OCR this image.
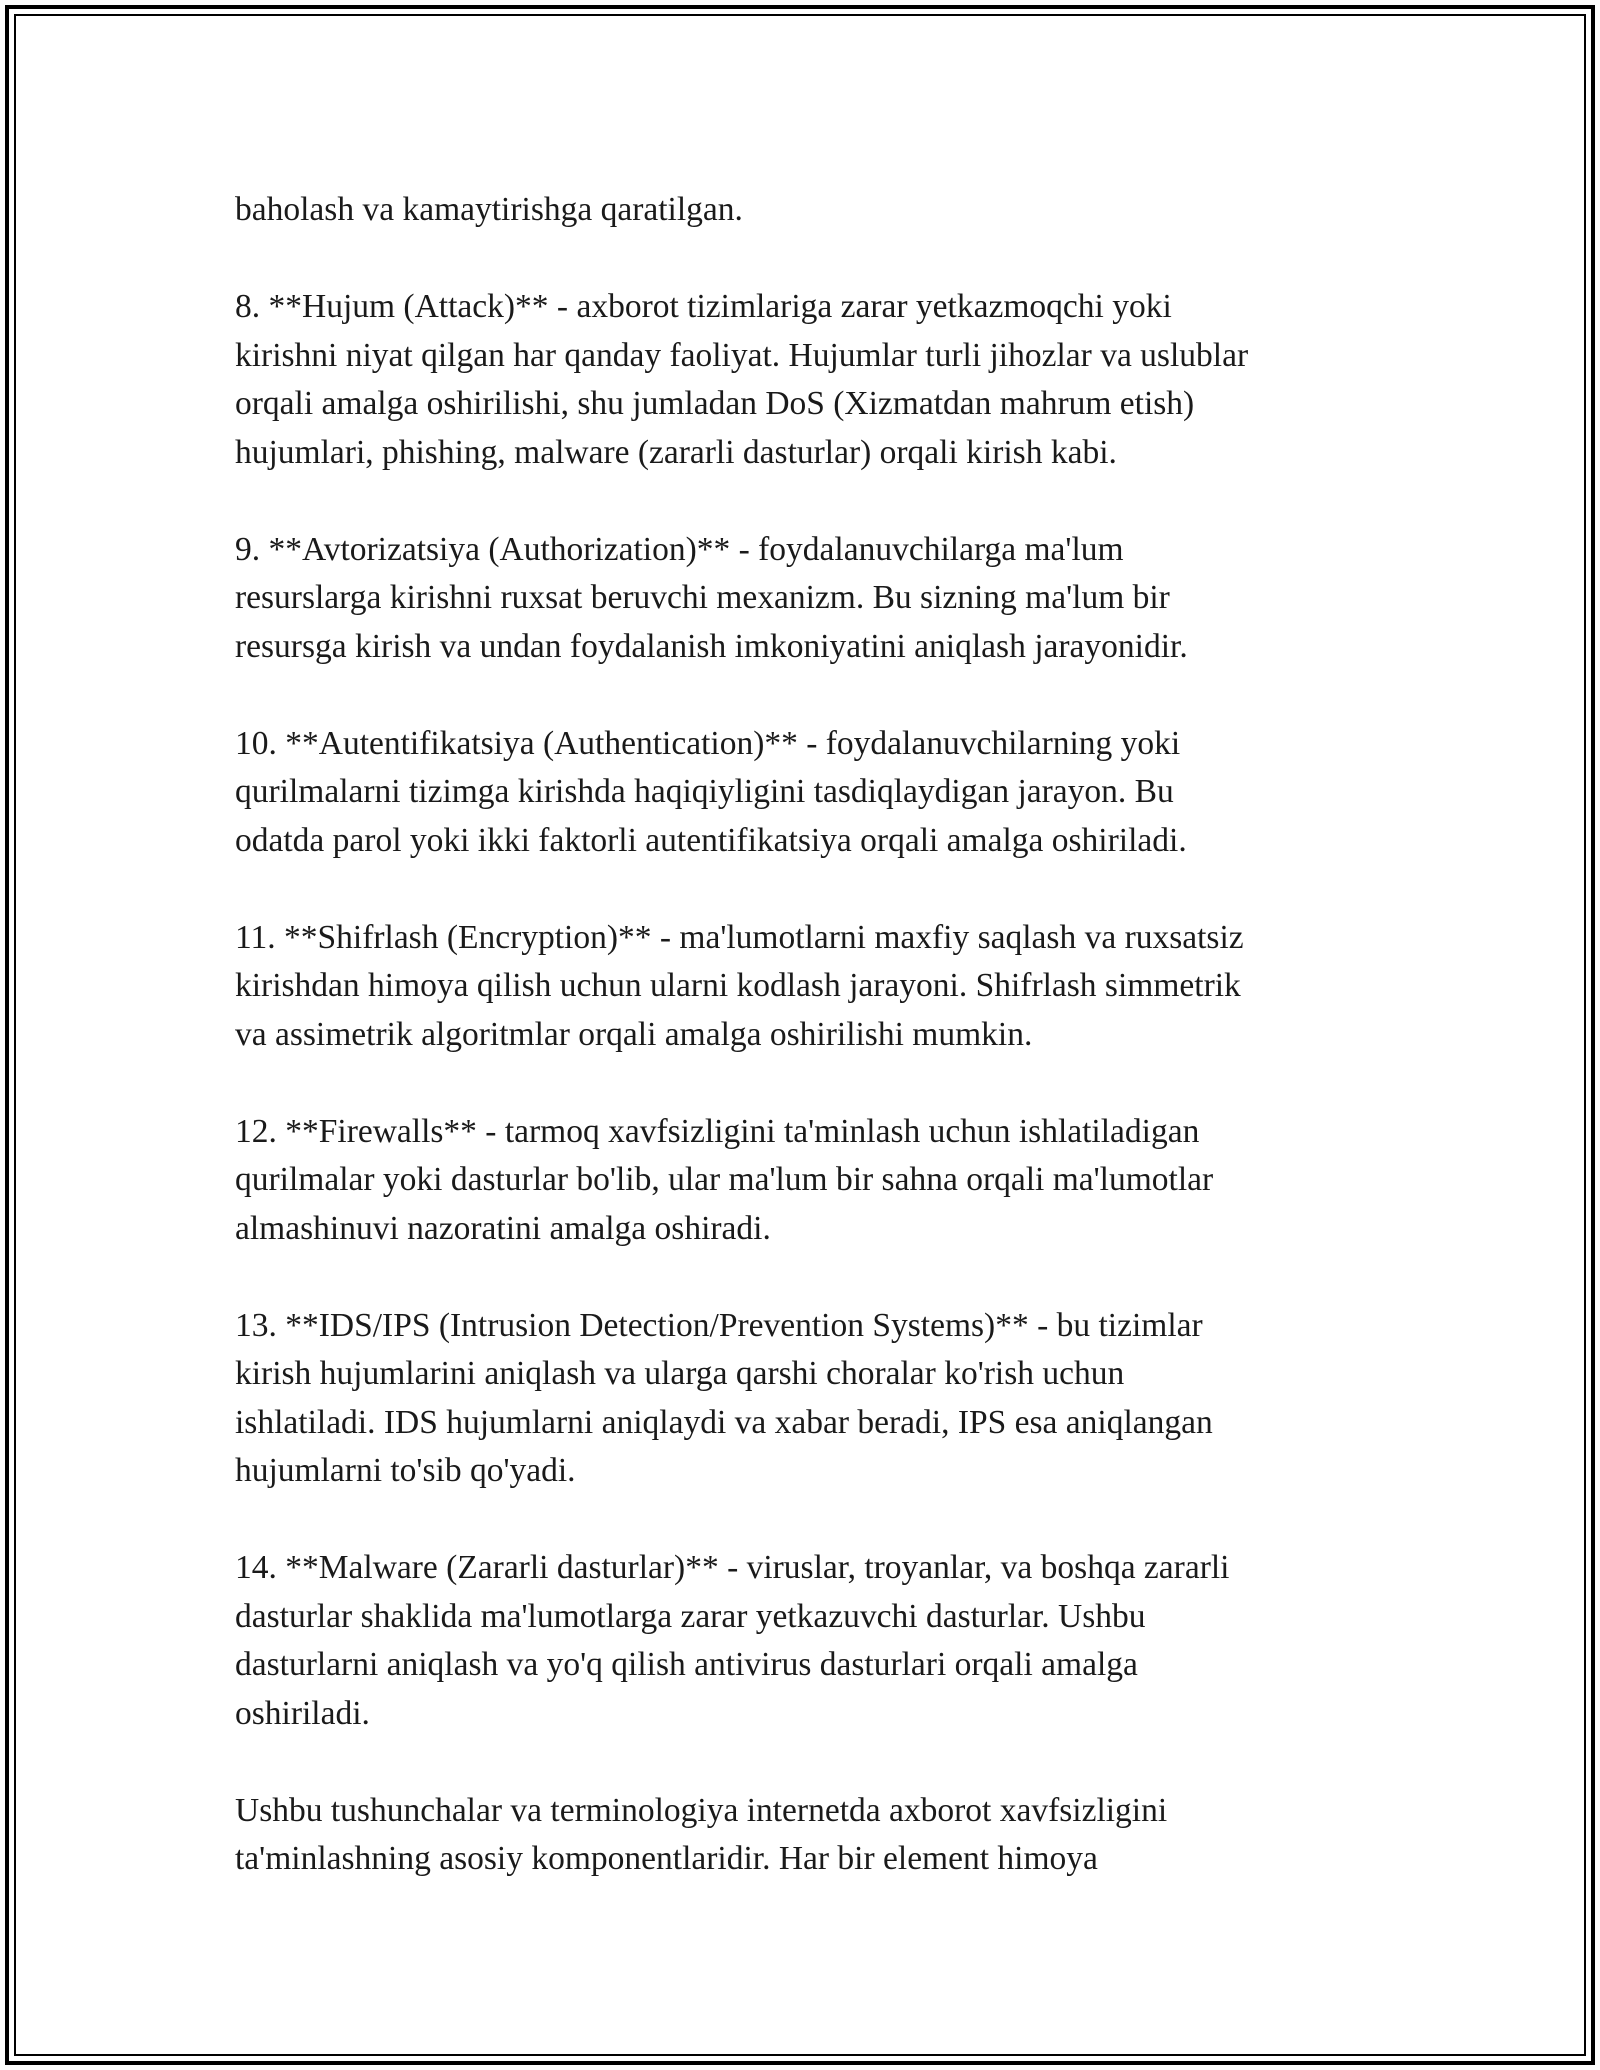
baholash va kamaytirishga qaratilgan.

8. **Hujum (Attack)** - axborot tizimlariga zarar yetkazmoqchi yoki
kirishni niyat qilgan har qanday faoliyat. Hujumlar turli jihozlar va uslublar
orqali amalga oshirilishi, shu jumladan DoS (Xizmatdan mahrum etish)
hujumlari, phishing, malware (zararli dasturlar) orqali kirish kabi.

9. **Avtorizatsiya (Authorization)** - foydalanuvchilarga ma'lum
resurslarga kirishni ruxsat beruvchi mexanizm. Bu sizning ma'lum bir
resursga kirish va undan foydalanish imkoniyatini aniqlash jarayonidir.

10. **Autentifikatsiya (Authentication)** - foydalanuvchilarning yoki
qurilmalarni tizimga kirishda haqiqiyligini tasdiqlaydigan jarayon. Bu
odatda parol yoki ikki faktorli autentifikatsiya orqali amalga oshiriladi.

11. **Shifrlash (Encryption)** - ma'lumotlarni maxfiy saqlash va ruxsatsiz
kirishdan himoya qilish uchun ularni kodlash jarayoni. Shifrlash simmetrik
va assimetrik algoritmlar orqali amalga oshirilishi mumkin.

12. **Firewalls** - tarmoq xavfsizligini ta'minlash uchun ishlatiladigan
qurilmalar yoki dasturlar bo'lib, ular ma'lum bir sahna orqali ma'lumotlar
almashinuvi nazoratini amalga oshiradi.

13. **IDS/IPS (Intrusion Detection/Prevention Systems)** - bu tizimlar
kirish hujumlarini aniqlash va ularga qarshi choralar ko'rish uchun
ishlatiladi. IDS hujumlarni aniqlaydi va xabar beradi, IPS esa aniqlangan
hujumlarni to'sib qo'yadi.

14. **Malware (Zararli dasturlar)** - viruslar, troyanlar, va boshqa zararli
dasturlar shaklida ma'lumotlarga zarar yetkazuvchi dasturlar. Ushbu
dasturlarni aniqlash va yo'q qilish antivirus dasturlari orqali amalga
oshiriladi.

Ushbu tushunchalar va terminologiya internetda axborot xavfsizligini
ta'minlashning asosiy komponentlaridir. Har bir element himoya
